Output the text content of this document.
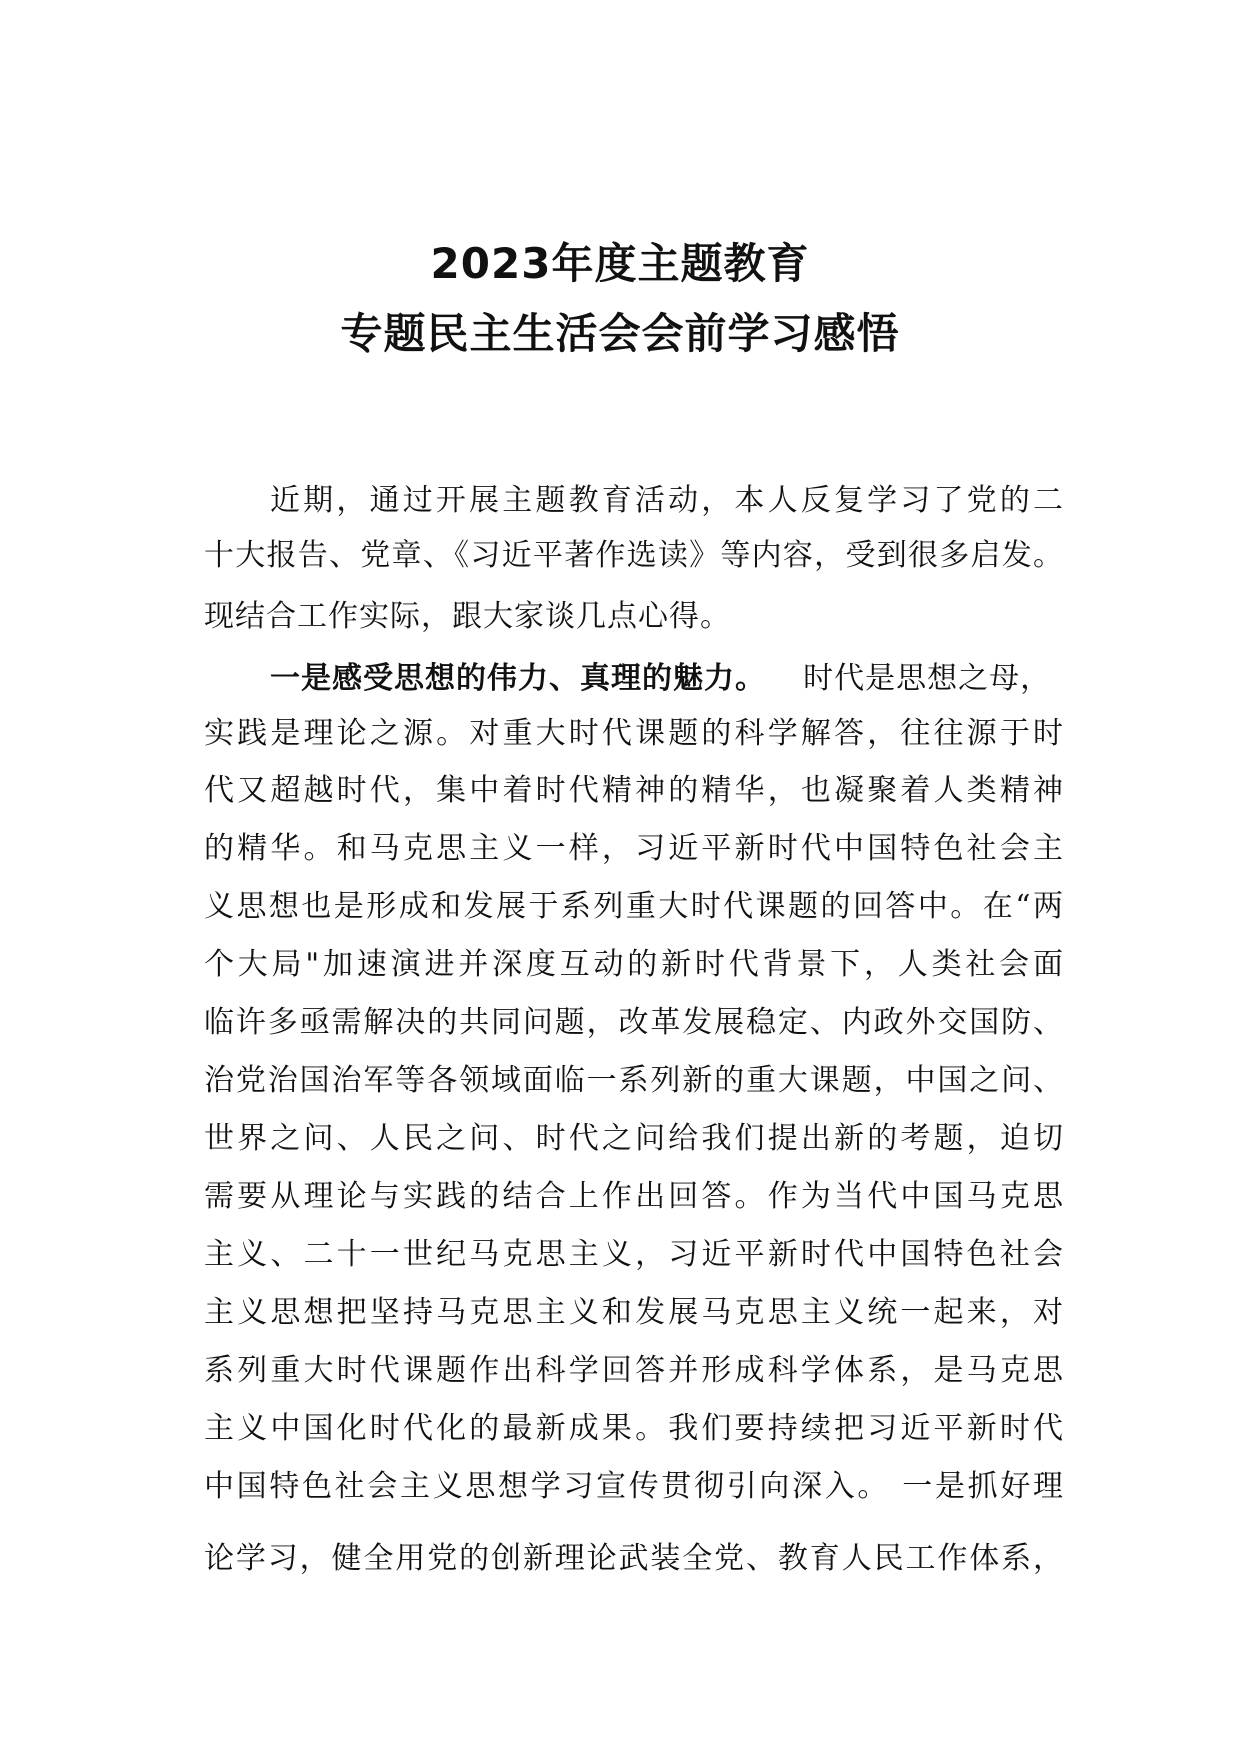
2023年度主题教育
专题民主生活会会前学习感悟
近期，通过开展主题教育活动，本人反复学习了党的二
十大报告、党章、《习近平著作选读》等内容，受到很多启发。
现结合工作实际，跟大家谈几点心得。
一是感受思想的伟力、真理的魅力。 时代是思想之母，
实践是理论之源。对重大时代课题的科学解答，往往源于时
代又超越时代，集中着时代精神的精华，也凝聚着人类精神
的精华。和马克思主义一样，习近平新时代中国特色社会主
义思想也是形成和发展于系列重大时代课题的回答中。在“两
个大局"加速演进并深度互动的新时代背景下，人类社会面
临许多亟需解决的共同问题，改革发展稳定、内政外交国防、
治党治国治军等各领域面临一系列新的重大课题，中国之问、
世界之问、人民之问、时代之问给我们提出新的考题，迫切
需要从理论与实践的结合上作出回答。作为当代中国马克思
主义、二十一世纪马克思主义，习近平新时代中国特色社会
主义思想把坚持马克思主义和发展马克思主义统一起来，对
系列重大时代课题作出科学回答并形成科学体系，是马克思
主义中国化时代化的最新成果。我们要持续把习近平新时代
中国特色社会主义思想学习宣传贯彻引向深入。 一是抓好理
论学习，健全用党的创新理论武装全党、教育人民工作体系，
